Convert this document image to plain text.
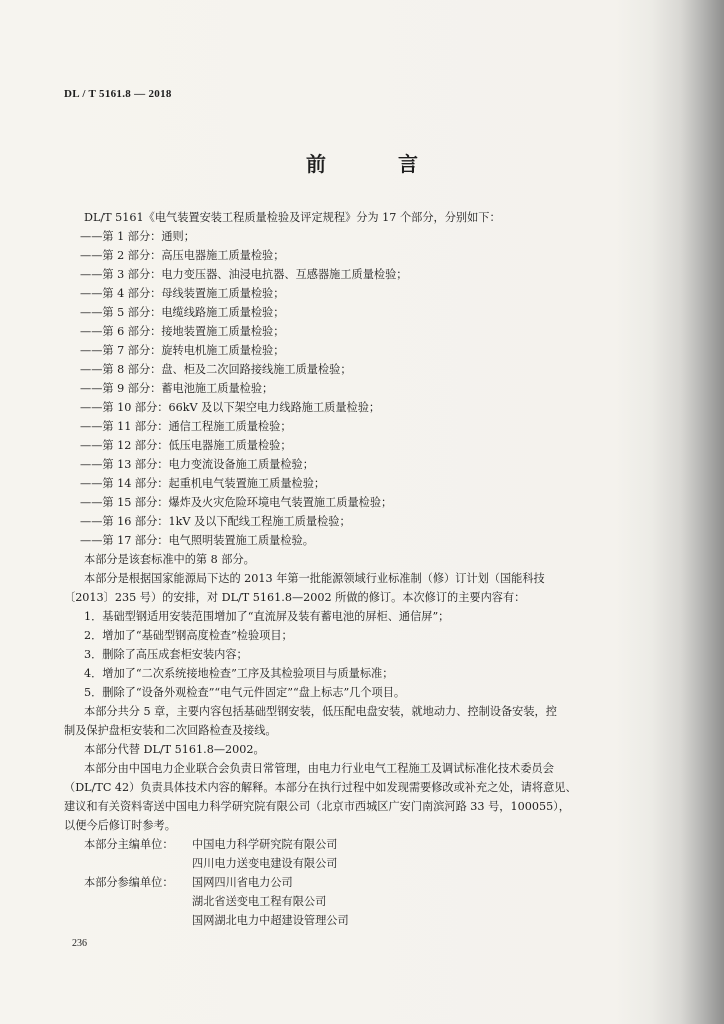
DL / T 5161.8 — 2018
前　言
DL/T 5161《电气装置安装工程质量检验及评定规程》分为 17 个部分，分别如下：
——第 1 部分：通则；
——第 2 部分：高压电器施工质量检验；
——第 3 部分：电力变压器、油浸电抗器、互感器施工质量检验；
——第 4 部分：母线装置施工质量检验；
——第 5 部分：电缆线路施工质量检验；
——第 6 部分：接地装置施工质量检验；
——第 7 部分：旋转电机施工质量检验；
——第 8 部分：盘、柜及二次回路接线施工质量检验；
——第 9 部分：蓄电池施工质量检验；
——第 10 部分：66kV 及以下架空电力线路施工质量检验；
——第 11 部分：通信工程施工质量检验；
——第 12 部分：低压电器施工质量检验；
——第 13 部分：电力变流设备施工质量检验；
——第 14 部分：起重机电气装置施工质量检验；
——第 15 部分：爆炸及火灾危险环境电气装置施工质量检验；
——第 16 部分：1kV 及以下配线工程施工质量检验；
——第 17 部分：电气照明装置施工质量检验。
本部分是该套标准中的第 8 部分。
本部分是根据国家能源局下达的 2013 年第一批能源领域行业标准制（修）订计划（国能科技
〔2013〕235 号）的安排，对 DL/T 5161.8—2002 所做的修订。本次修订的主要内容有：
1．基础型钢适用安装范围增加了“直流屏及装有蓄电池的屏柜、通信屏”；
2．增加了“基础型钢高度检查”检验项目；
3．删除了高压成套柜安装内容；
4．增加了“二次系统接地检查”工序及其检验项目与质量标准；
5．删除了“设备外观检查”“电气元件固定”“盘上标志”几个项目。
本部分共分 5 章，主要内容包括基础型钢安装，低压配电盘安装，就地动力、控制设备安装，控
制及保护盘柜安装和二次回路检查及接线。
本部分代替 DL/T 5161.8—2002。
本部分由中国电力企业联合会负责日常管理，由电力行业电气工程施工及调试标准化技术委员会
（DL/TC 42）负责具体技术内容的解释。本部分在执行过程中如发现需要修改或补充之处，请将意见、
建议和有关资料寄送中国电力科学研究院有限公司（北京市西城区广安门南滨河路 33 号，100055），
以便今后修订时参考。
本部分主编单位： 中国电力科学研究院有限公司
四川电力送变电建设有限公司
本部分参编单位： 国网四川省电力公司
湖北省送变电工程有限公司
国网湖北电力中超建设管理公司
236
